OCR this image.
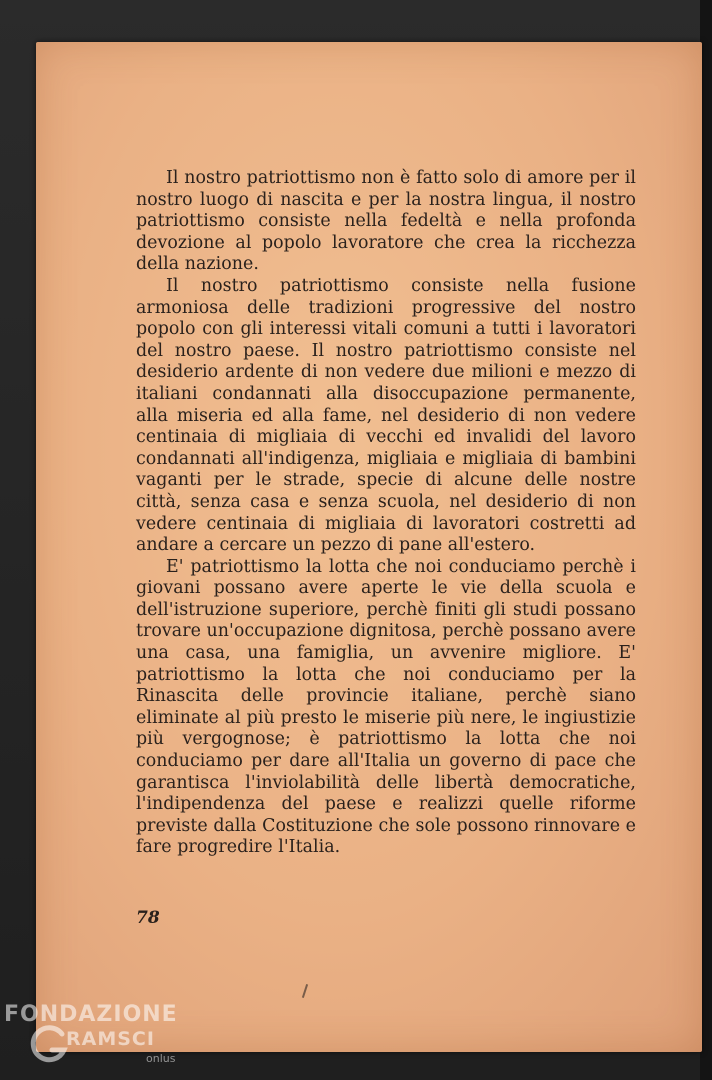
Il nostro patriottismo non è fatto solo di amore per il nostro luogo di nascita e per la nostra lingua, il nostro patriottismo consiste nella fedeltà e nella profonda devozione al popolo lavoratore che crea la ricchezza della nazione.

Il nostro patriottismo consiste nella fusione armoniosa delle tradizioni progressive del nostro popolo con gli interessi vitali comuni a tutti i lavoratori del nostro paese. Il nostro patriottismo consiste nel desiderio ardente di non vedere due milioni e mezzo di italiani condannati alla disoccupazione permanente, alla miseria ed alla fame, nel desiderio di non vedere centinaia di migliaia di vecchi ed invalidi del lavoro condannati all'indigenza, migliaia e migliaia di bambini vaganti per le strade, specie di alcune delle nostre città, senza casa e senza scuola, nel desiderio di non vedere centinaia di migliaia di lavoratori costretti ad andare a cercare un pezzo di pane all'estero.

E' patriottismo la lotta che noi conduciamo perchè i giovani possano avere aperte le vie della scuola e dell'istruzione superiore, perchè finiti gli studi possano trovare un'occupazione dignitosa, perchè possano avere una casa, una famiglia, un avvenire migliore. E' patriottismo la lotta che noi conduciamo per la Rinascita delle provincie italiane, perchè siano eliminate al più presto le miserie più nere, le ingiustizie più vergognose; è patriottismo la lotta che noi conduciamo per dare all'Italia un governo di pace che garantisca l'inviolabilità delle libertà democratiche, l'indipendenza del paese e realizzi quelle riforme previste dalla Costituzione che sole possono rinnovare e fare progredire l'Italia.

78
FONDAZIONE
RAMSCI
onlus
